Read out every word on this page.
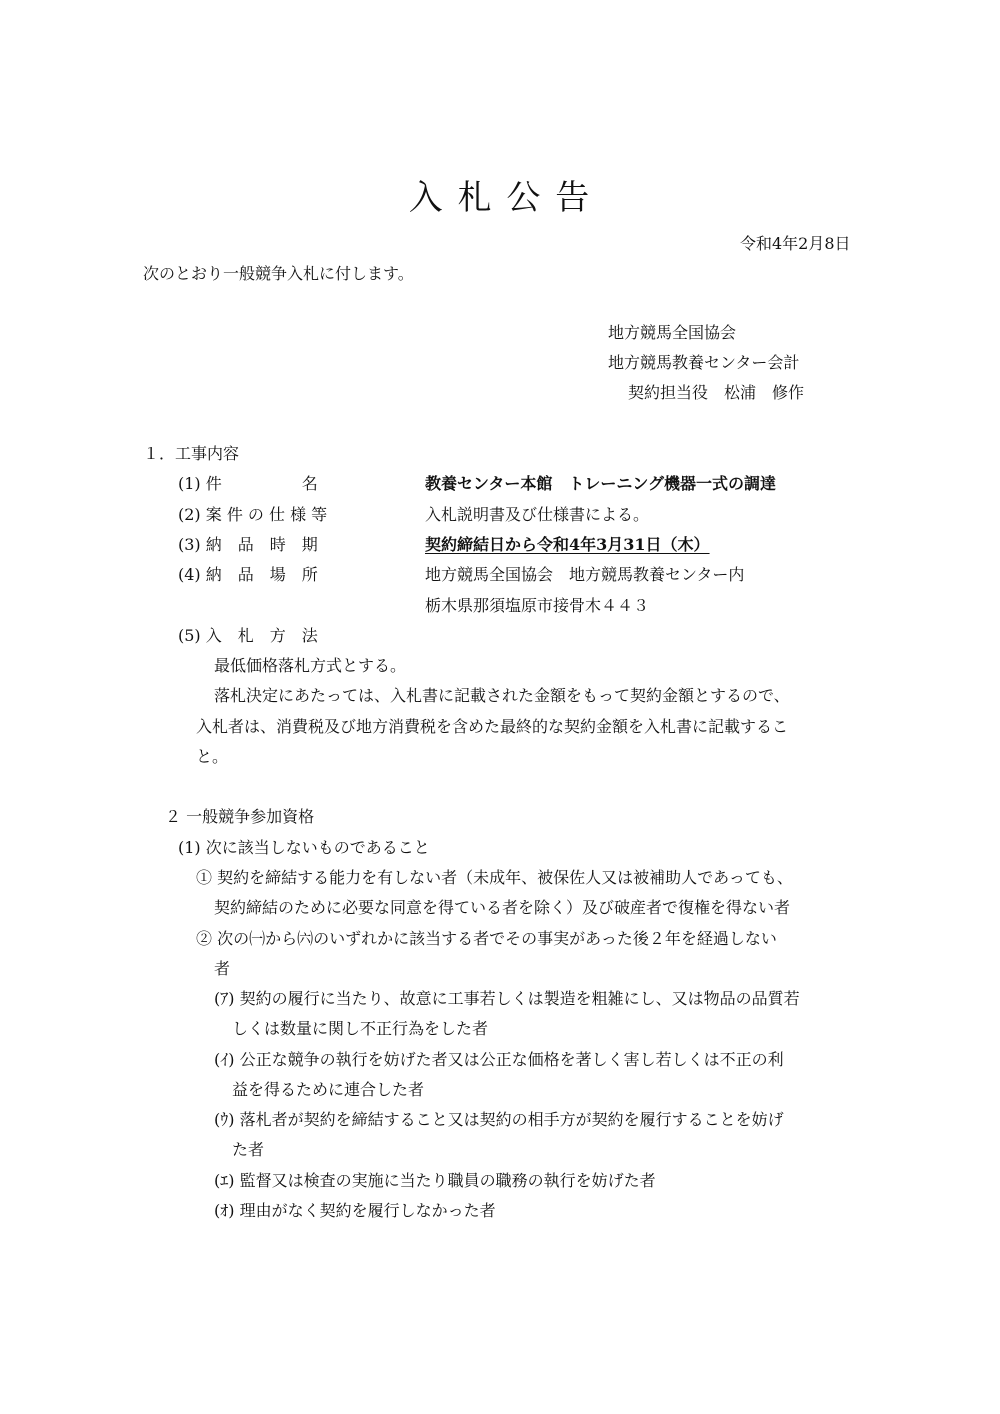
入 札 公 告
令和4年2月8日
次のとおり一般競争入札に付します。
地方競馬全国協会
地方競馬教養センター会計
契約担当役　松浦　修作
１．工事内容
(1) 件　　　　　名	教養センター本館　トレーニング機器一式の調達
(2) 案 件 の 仕 様 等	入札説明書及び仕様書による。
(3) 納　品　時　期	契約締結日から令和4年3月31日（木）
(4) 納　品　場　所	地方競馬全国協会　地方競馬教養センター内
栃木県那須塩原市接骨木４４３
(5) 入　札　方　法
最低価格落札方式とする。
落札決定にあたっては、入札書に記載された金額をもって契約金額とするので、
入札者は、消費税及び地方消費税を含めた最終的な契約金額を入札書に記載するこ
と。
２ 一般競争参加資格
(1) 次に該当しないものであること
① 契約を締結する能力を有しない者（未成年、被保佐人又は被補助人であっても、
契約締結のために必要な同意を得ている者を除く）及び破産者で復権を得ない者
② 次の㈠から㈥のいずれかに該当する者でその事実があった後２年を経過しない
者
(ｱ) 契約の履行に当たり、故意に工事若しくは製造を粗雑にし、又は物品の品質若
しくは数量に関し不正行為をした者
(ｲ) 公正な競争の執行を妨げた者又は公正な価格を著しく害し若しくは不正の利
益を得るために連合した者
(ｳ) 落札者が契約を締結すること又は契約の相手方が契約を履行することを妨げ
た者
(ｴ) 監督又は検査の実施に当たり職員の職務の執行を妨げた者
(ｵ) 理由がなく契約を履行しなかった者
